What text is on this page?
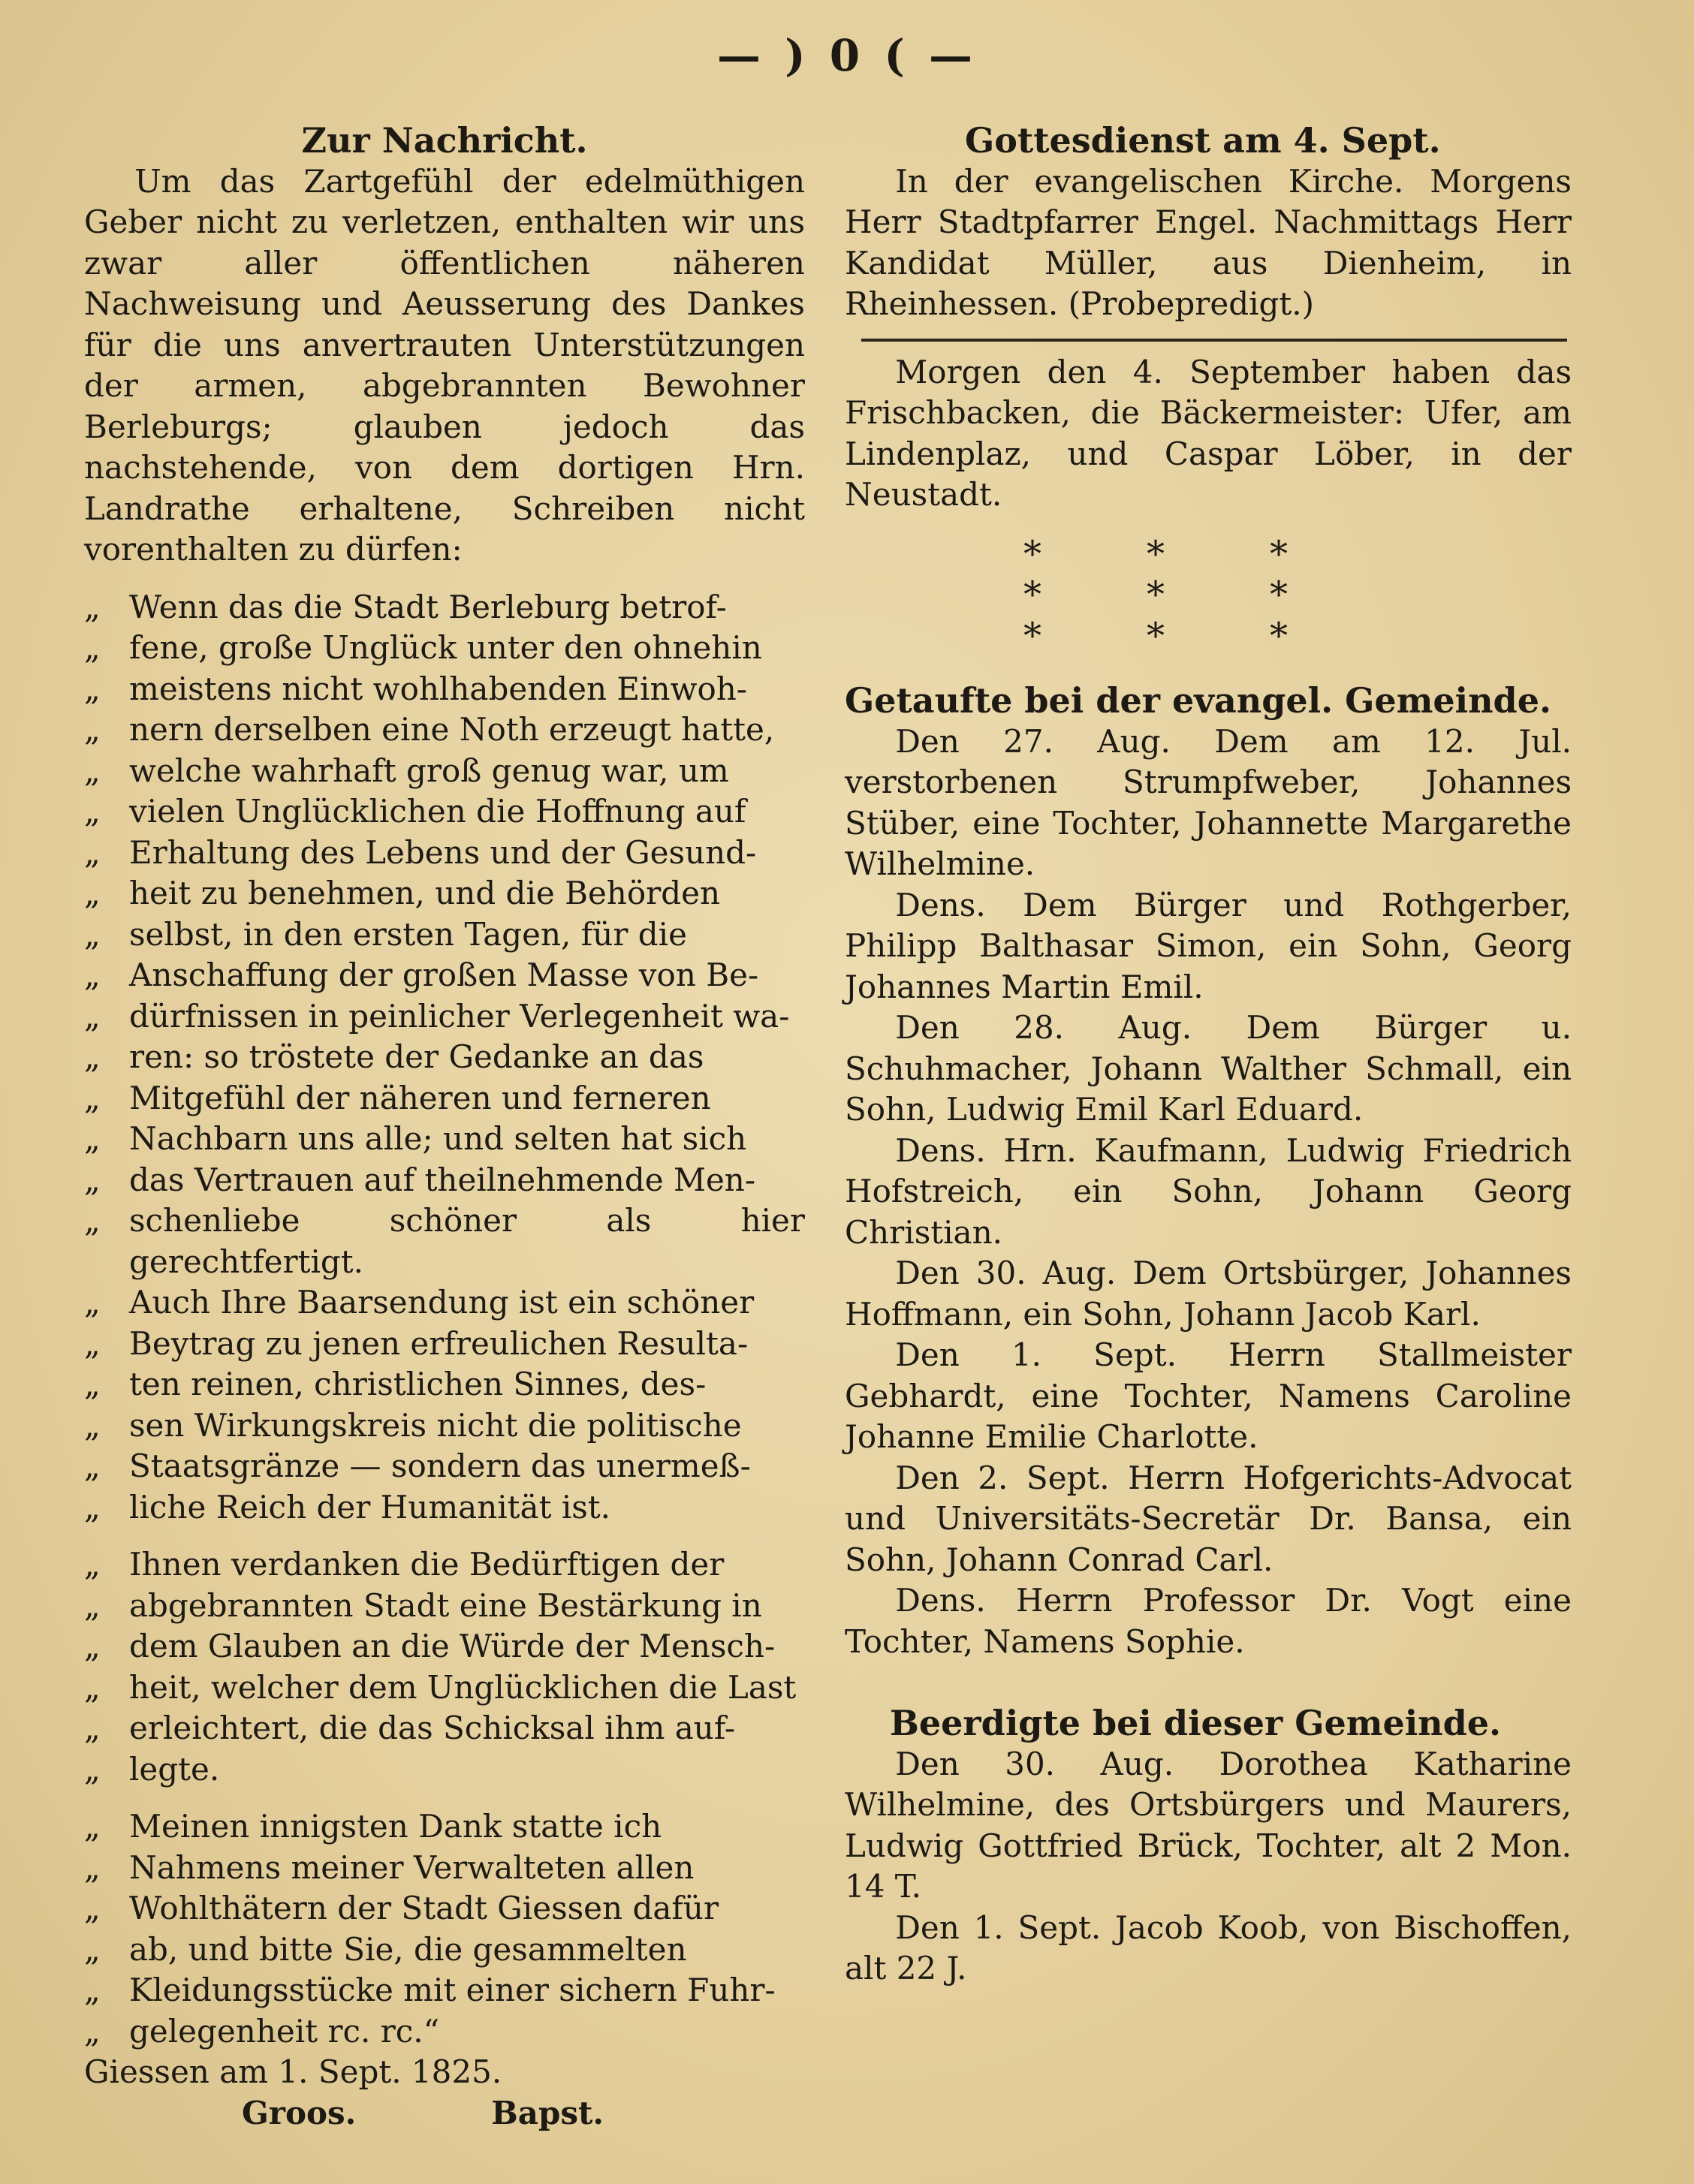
— ) 0 ( —
Zur Nachricht.

Um das Zartgefühl der edelmüthigen Geber nicht zu verletzen, enthalten wir uns zwar aller öffentlichen näheren Nachweisung und Aeusserung des Dankes für die uns anvertrauten Unterstützungen der armen, abgebrannten Bewohner Berleburgs; glauben jedoch das nachstehende, von dem dortigen Hrn. Landrathe erhaltene, Schreiben nicht vorenthalten zu dürfen:

„ Wenn das die Stadt Berleburg betrof-
„ fene, große Unglück unter den ohnehin
„ meistens nicht wohlhabenden Einwoh-
„ nern derselben eine Noth erzeugt hatte,
„ welche wahrhaft groß genug war, um
„ vielen Unglücklichen die Hoffnung auf
„ Erhaltung des Lebens und der Gesund-
„ heit zu benehmen, und die Behörden
„ selbst, in den ersten Tagen, für die
„ Anschaffung der großen Masse von Be-
„ dürfnissen in peinlicher Verlegenheit wa-
„ ren: so tröstete der Gedanke an das
„ Mitgefühl der näheren und ferneren
„ Nachbarn uns alle; und selten hat sich
„ das Vertrauen auf theilnehmende Men-
„ schenliebe schöner als hier gerechtfertigt.
„ Auch Ihre Baarsendung ist ein schöner
„ Beytrag zu jenen erfreulichen Resulta-
„ ten reinen, christlichen Sinnes, des-
„ sen Wirkungskreis nicht die politische
„ Staatsgränze — sondern das unermeß-
„ liche Reich der Humanität ist.
„ Ihnen verdanken die Bedürftigen der
„ abgebrannten Stadt eine Bestärkung in
„ dem Glauben an die Würde der Mensch-
„ heit, welcher dem Unglücklichen die Last
„ erleichtert, die das Schicksal ihm auf-
„ legte.
„ Meinen innigsten Dank statte ich
„ Nahmens meiner Verwalteten allen
„ Wohlthätern der Stadt Giessen dafür
„ ab, und bitte Sie, die gesammelten
„ Kleidungsstücke mit einer sichern Fuhr-
„ gelegenheit rc. rc.“

Giessen am 1. Sept. 1825.

Groos.	Bapst.
Gottesdienst am 4. Sept.

In der evangelischen Kirche. Morgens Herr Stadtpfarrer Engel. Nachmittags Herr Kandidat Müller, aus Dienheim, in Rheinhessen. (Probepredigt.)

Morgen den 4. September haben das Frischbacken, die Bäckermeister: Ufer, am Lindenplaz, und Caspar Löber, in der Neustadt.

*** *** ***
Getaufte bei der evangel. Gemeinde.

Den 27. Aug. Dem am 12. Jul. verstorbenen Strumpfweber, Johannes Stüber, eine Tochter, Johannette Margarethe Wilhelmine.

Dens. Dem Bürger und Rothgerber, Philipp Balthasar Simon, ein Sohn, Georg Johannes Martin Emil.

Den 28. Aug. Dem Bürger u. Schuhmacher, Johann Walther Schmall, ein Sohn, Ludwig Emil Karl Eduard.

Dens. Hrn. Kaufmann, Ludwig Friedrich Hofstreich, ein Sohn, Johann Georg Christian.

Den 30. Aug. Dem Ortsbürger, Johannes Hoffmann, ein Sohn, Johann Jacob Karl.

Den 1. Sept. Herrn Stallmeister Gebhardt, eine Tochter, Namens Caroline Johanne Emilie Charlotte.

Den 2. Sept. Herrn Hofgerichts-Advocat und Universitäts-Secretär Dr. Bansa, ein Sohn, Johann Conrad Carl.

Dens. Herrn Professor Dr. Vogt eine Tochter, Namens Sophie.

Beerdigte bei dieser Gemeinde.

Den 30. Aug. Dorothea Katharine Wilhelmine, des Ortsbürgers und Maurers, Ludwig Gottfried Brück, Tochter, alt 2 Mon. 14 T.

Den 1. Sept. Jacob Koob, von Bischoffen, alt 22 J.
